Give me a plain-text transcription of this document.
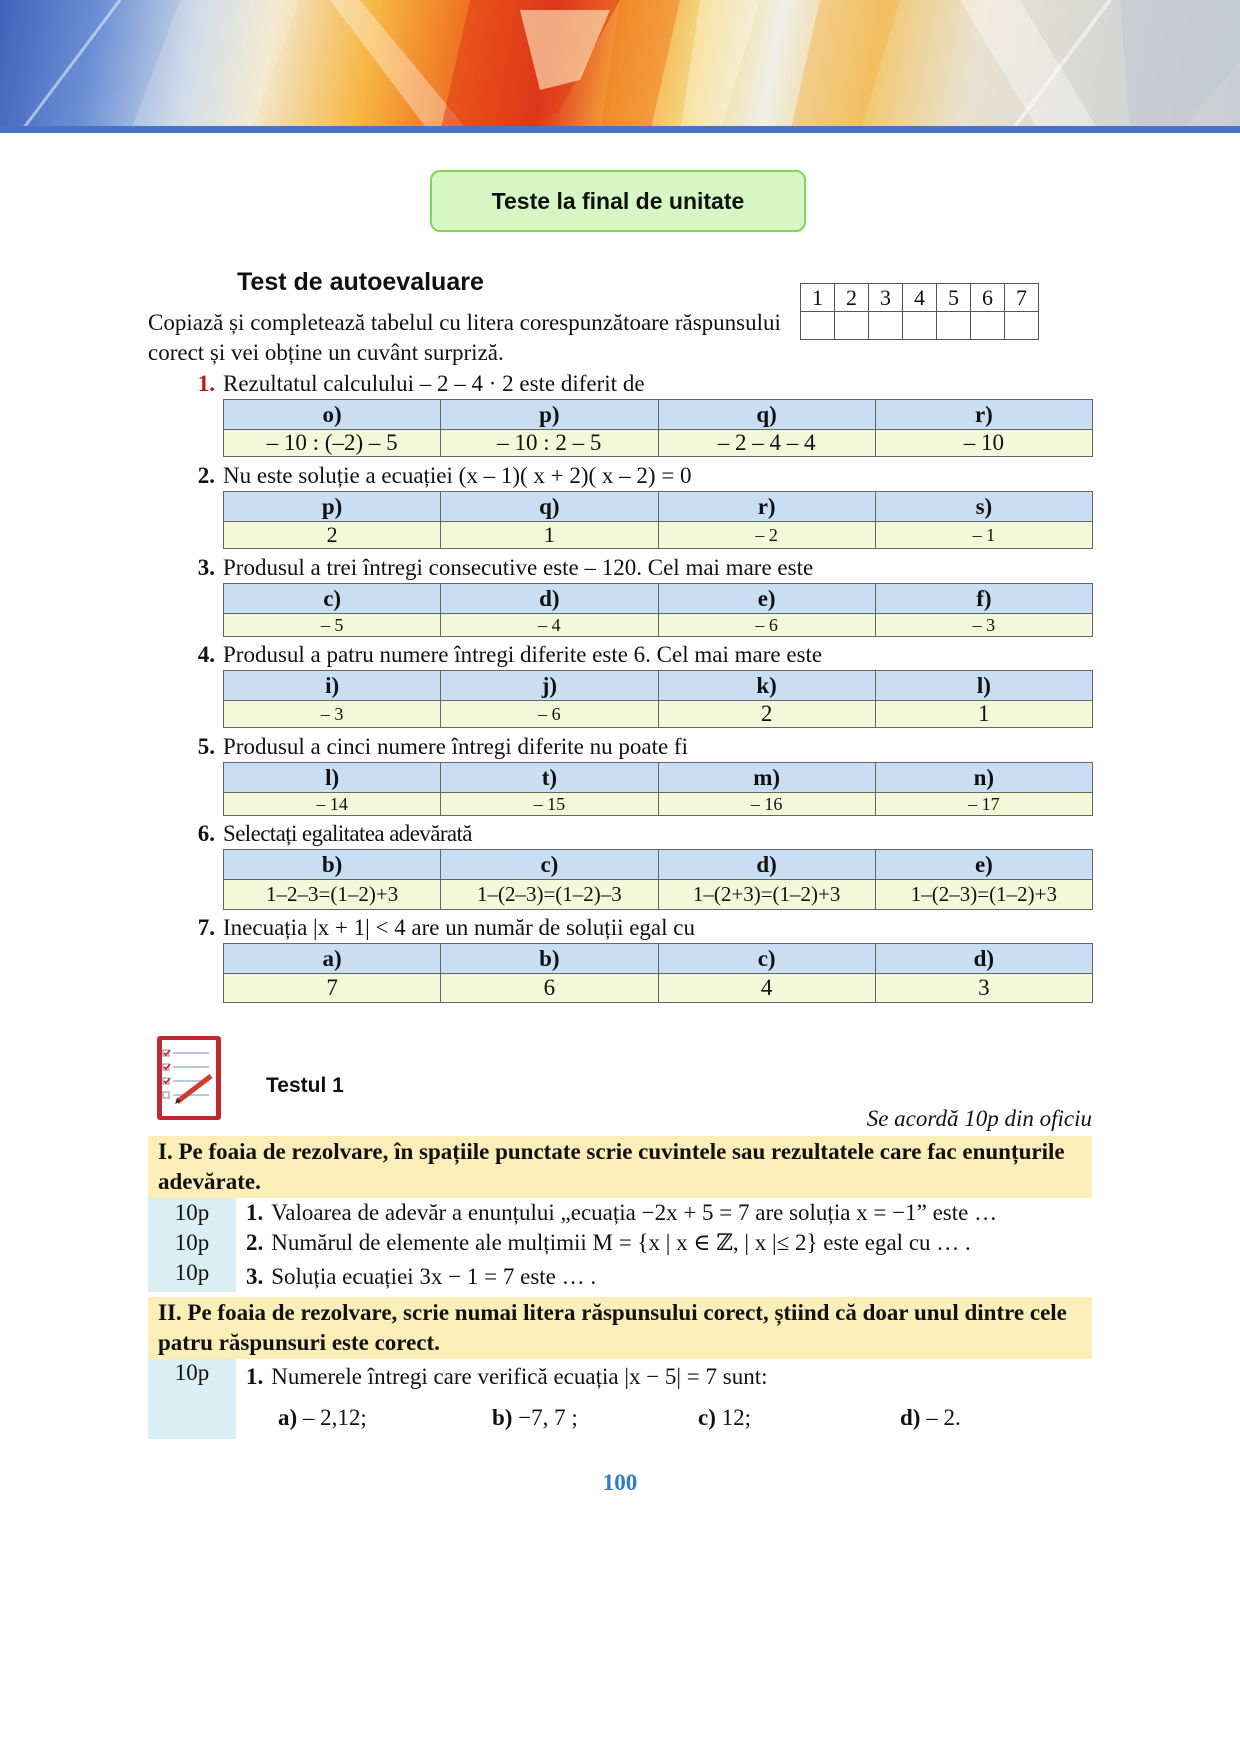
Teste la final de unitate
Test de autoevaluare
Copiază și completează tabelul cu litera corespunzătoare răspunsului corect și vei obține un cuvânt surpriză.
1	2	3	4	5	6	7

1. Rezultatul calculului – 2 – 4 · 2 este diferit de
o)	p)	q)	r)
– 10 : (–2) – 5	– 10 : 2 – 5	– 2 – 4 – 4	– 10
2. Nu este soluție a ecuației (x – 1)( x + 2)( x – 2) = 0
p)	q)	r)	s)
2	1	– 2	– 1
3. Produsul a trei întregi consecutive este – 120. Cel mai mare este
c)	d)	e)	f)
– 5	– 4	– 6	– 3
4. Produsul a patru numere întregi diferite este 6. Cel mai mare este
i)	j)	k)	l)
– 3	– 6	2	1
5. Produsul a cinci numere întregi diferite nu poate fi
l)	t)	m)	n)
– 14	– 15	– 16	– 17
6. Selectați egalitatea adevărată
b)	c)	d)	e)
1–2–3=(1–2)+3	1–(2–3)=(1–2)–3	1–(2+3)=(1–2)+3	1–(2–3)=(1–2)+3
7. Inecuația |x + 1| < 4 are un număr de soluții egal cu
a)	b)	c)	d)
7	6	4	3
Testul 1
Se acordă 10p din oficiu
I. Pe foaia de rezolvare, în spațiile punctate scrie cuvintele sau rezultatele care fac enunțurile adevărate.
10p	1. Valoarea de adevăr a enunțului „ecuația −2x + 5 = 7 are soluția x = −1” este …
10p	2. Numărul de elemente ale mulțimii M = {x | x ∈ ℤ, | x |≤ 2} este egal cu … .
10p	3. Soluția ecuației 3x − 1 = 7 este … .
II. Pe foaia de rezolvare, scrie numai litera răspunsului corect, știind că doar unul dintre cele patru răspunsuri este corect.
10p	1. Numerele întregi care verifică ecuația |x − 5| = 7 sunt:
a) – 2,12;	b) −7, 7 ;	c) 12;	d) – 2.
100
